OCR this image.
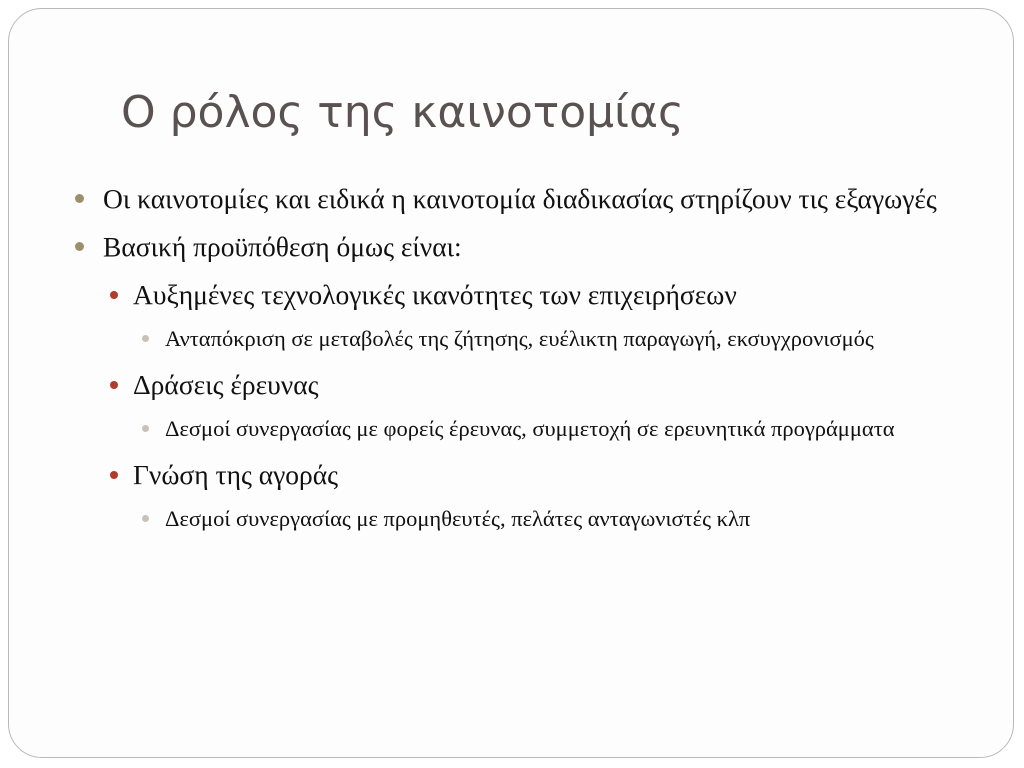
Ο ρόλος της καινοτομίας
Οι καινοτομίες και ειδικά η καινοτομία διαδικασίας στηρίζουν τις εξαγωγές
Βασική προϋπόθεση όμως είναι:
Αυξημένες τεχνολογικές ικανότητες των επιχειρήσεων
Ανταπόκριση σε μεταβολές της ζήτησης, ευέλικτη παραγωγή, εκσυγχρονισμός
Δράσεις έρευνας
Δεσμοί συνεργασίας με φορείς έρευνας, συμμετοχή σε ερευνητικά προγράμματα
Γνώση της αγοράς
Δεσμοί συνεργασίας με προμηθευτές, πελάτες ανταγωνιστές κλπ
